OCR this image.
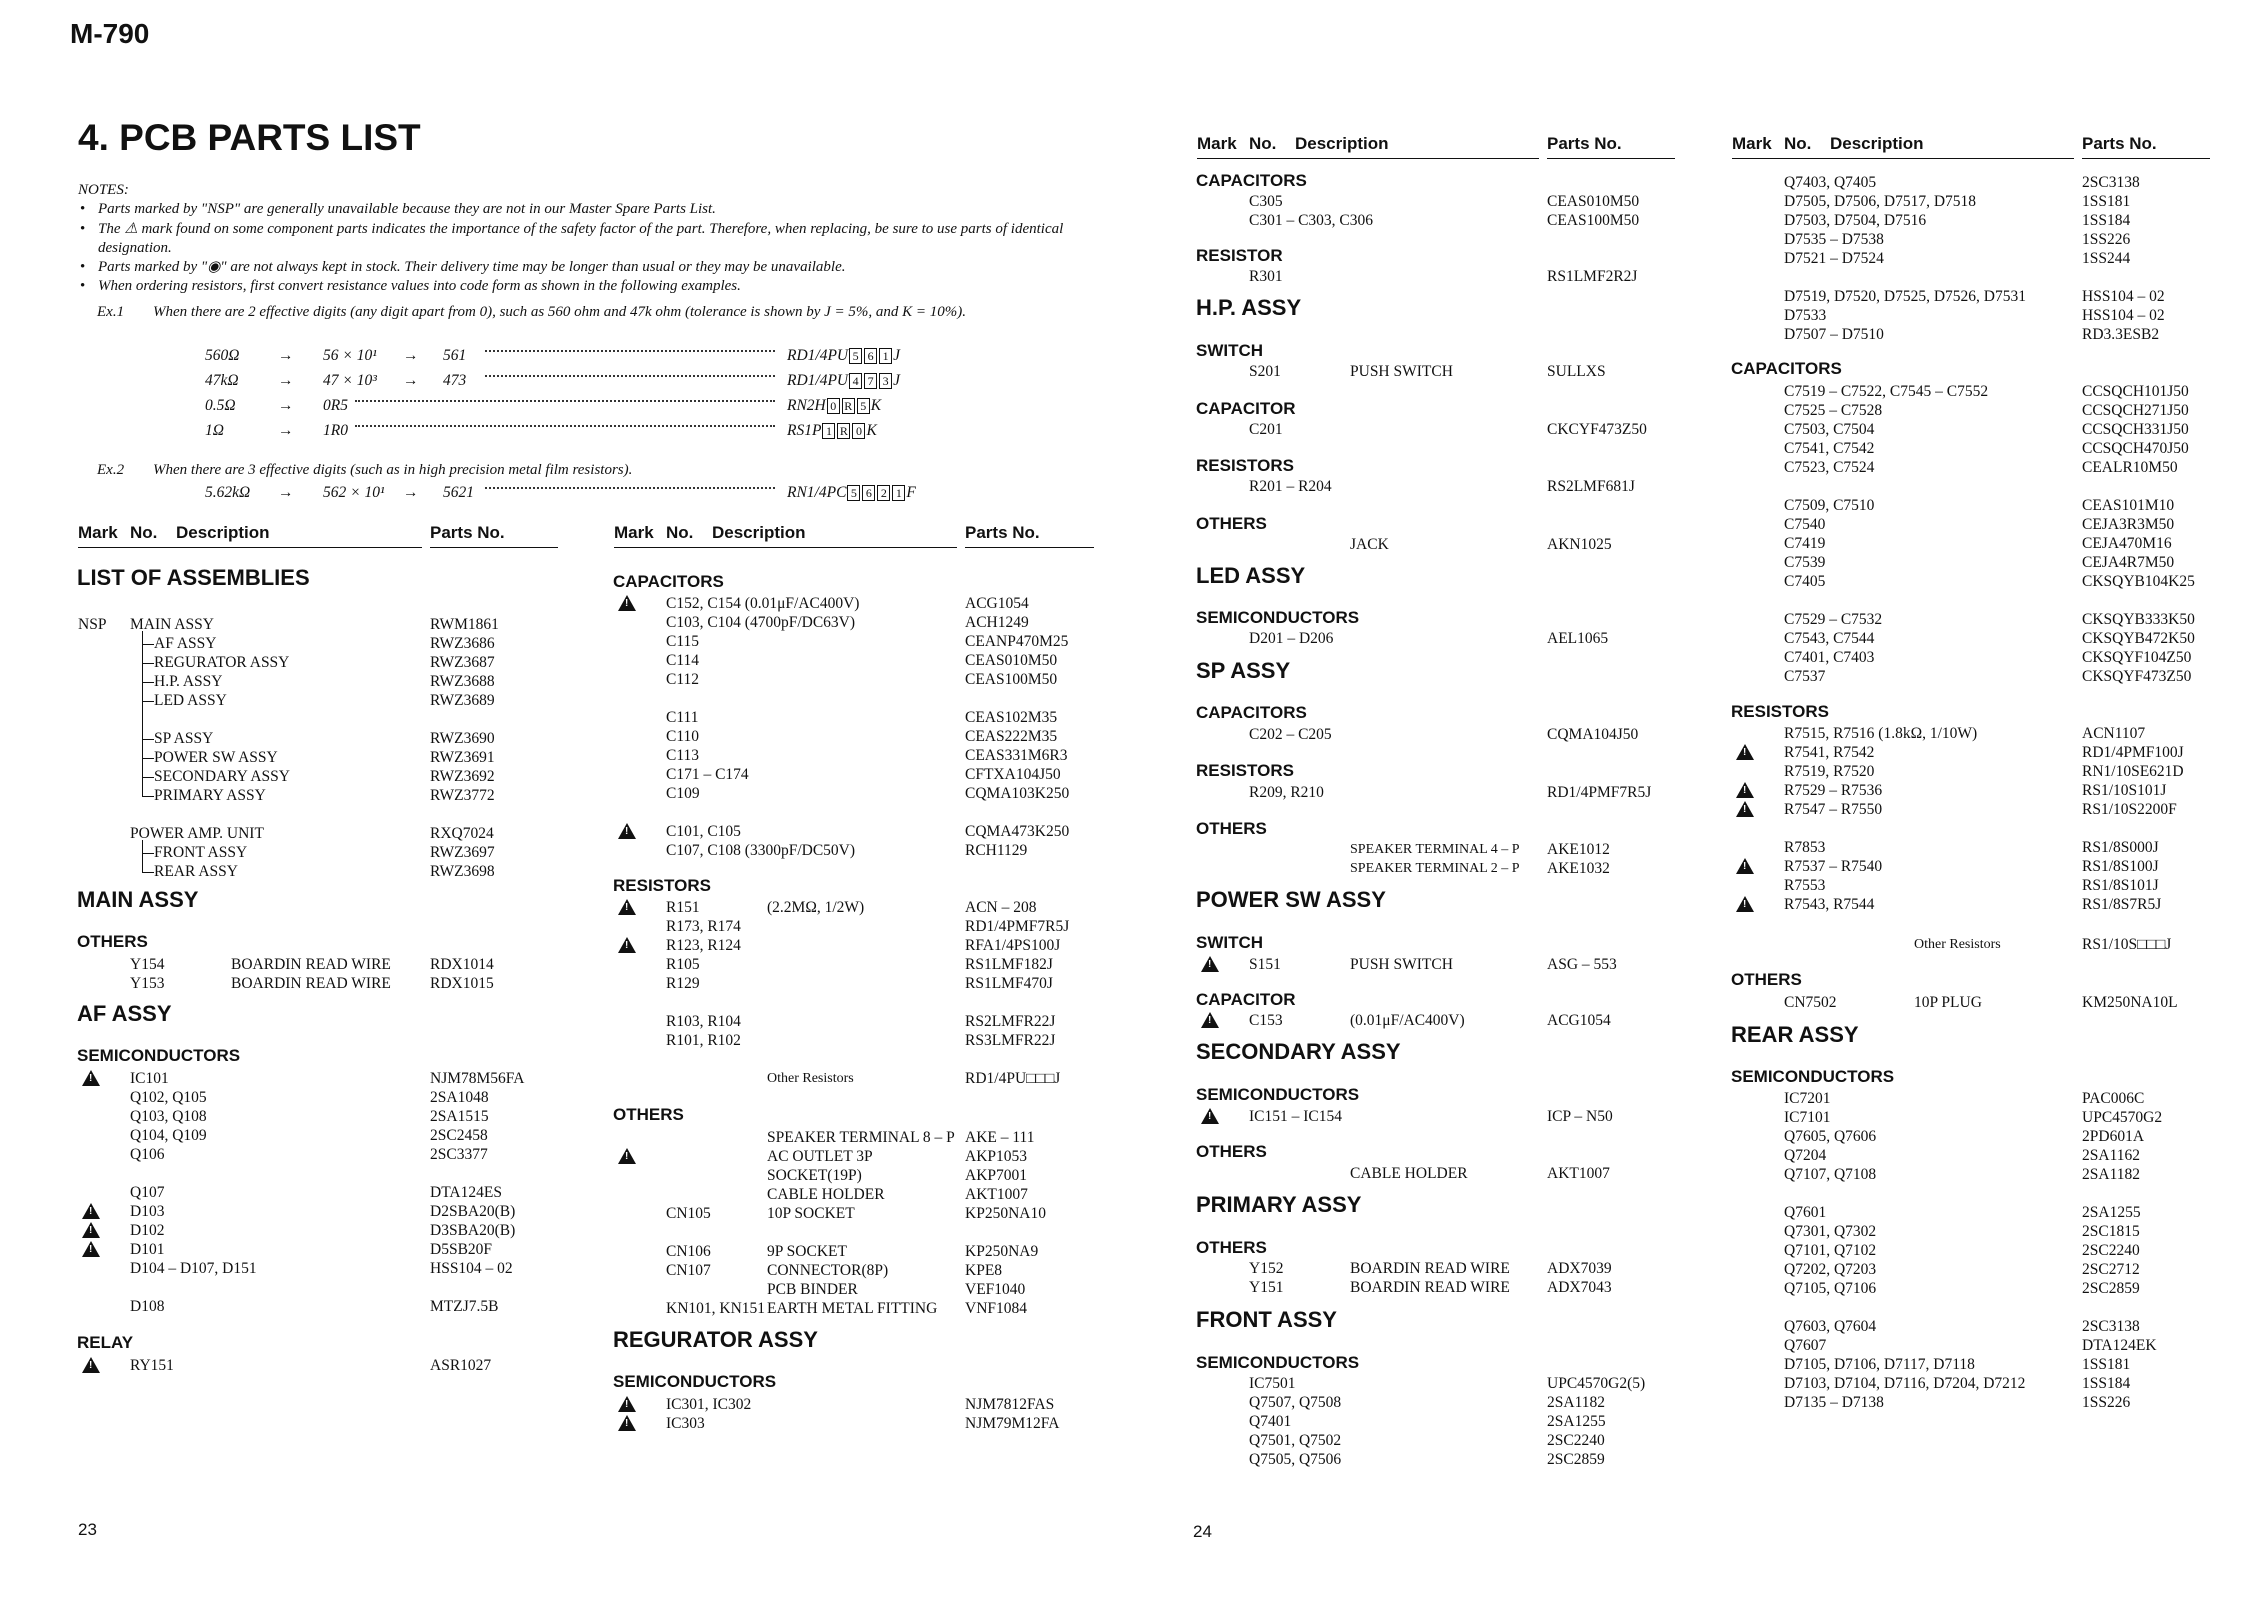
M-790
4. PCB PARTS LIST
NOTES:
• Parts marked by "NSP" are generally unavailable because they are not in our Master Spare Parts List.
• The ⚠ mark found on some component parts indicates the importance of the safety factor of the part. Therefore, when replacing, be sure to use parts of identical designation.
• Parts marked by "◉" are not always kept in stock. Their delivery time may be longer than usual or they may be unavailable.
• When ordering resistors, first convert resistance values into code form as shown in the following examples.
Ex.1 When there are 2 effective digits (any digit apart from 0), such as 560 ohm and 47k ohm (tolerance is shown by J = 5%, and K = 10%).
560Ω → 56 × 10¹ → 561	RD1/4PU 5 6 1 J
47kΩ	→ 47 × 10³ → 473	RD1/4PU 4 7 3 J
0.5Ω	→ 0R5	RN2H 0 R 5 K
1Ω	→ 1R0	RS1P 1 R 0 K
Ex.2 When there are 3 effective digits (such as in high precision metal film resistors).
5.62kΩ → 562 × 10¹ → 5621	RN1/4PC 5 6 2 1 F
Mark No. Description	Parts No.	Mark No. Description	Parts No.
Mark No. Description	Parts No.	Mark No. Description	Parts No.
LIST OF ASSEMBLIES
NSP MAIN ASSY	RWM1861
AF ASSY	RWZ3686
REGURATOR ASSY	RWZ3687
H.P. ASSY	RWZ3688
LED ASSY	RWZ3689
SP ASSY	RWZ3690
POWER SW ASSY	RWZ3691
SECONDARY ASSY	RWZ3692
PRIMARY ASSY	RWZ3772
POWER AMP. UNIT	RXQ7024
FRONT ASSY	RWZ3697
REAR ASSY	RWZ3698
MAIN ASSY
OTHERS
Y154	BOARDIN READ WIRE	RDX1014
Y153	BOARDIN READ WIRE	RDX1015
AF ASSY
SEMICONDUCTORS
!
IC101	NJM78M56FA
Q102, Q105	2SA1048
Q103, Q108	2SA1515
Q104, Q109	2SC2458
Q106	2SC3377
Q107	DTA124ES
!
D103	D2SBA20(B)
!
D102	D3SBA20(B)
!
D101	D5SB20F
D104 – D107, D151	HSS104 – 02
D108	MTZJ7.5B
RELAY
!
RY151	ASR1027
CAPACITORS
!
C152, C154 (0.01μF/AC400V)	ACG1054
C103, C104 (4700pF/DC63V)	ACH1249
C115	CEANP470M25
C114	CEAS010M50
C112	CEAS100M50
C111	CEAS102M35
C110	CEAS222M35
C113	CEAS331M6R3
C171 – C174	CFTXA104J50
C109	CQMA103K250
!
C101, C105	CQMA473K250
C107, C108 (3300pF/DC50V)	RCH1129
RESISTORS
!
R151	(2.2MΩ, 1/2W)	ACN – 208
R173, R174	RD1/4PMF7R5J
!
R123, R124	RFA1/4PS100J
R105	RS1LMF182J
R129	RS1LMF470J
R103, R104	RS2LMFR22J
R101, R102	RS3LMFR22J
Other Resistors	RD1/4PU□□□J
OTHERS
SPEAKER TERMINAL 8 – P AKE – 111
!
AC OUTLET 3P	AKP1053
SOCKET(19P)	AKP7001
CABLE HOLDER	AKT1007
CN105	10P SOCKET	KP250NA10
CN106	9P SOCKET	KP250NA9
CN107	CONNECTOR(8P)	KPE8
PCB BINDER	VEF1040
KN101, KN151 EARTH METAL FITTING VNF1084
REGURATOR ASSY
SEMICONDUCTORS
!
IC301, IC302	NJM7812FAS
!
IC303	NJM79M12FA
CAPACITORS
C305	CEAS010M50
C301 – C303, C306	CEAS100M50
RESISTOR
R301	RS1LMF2R2J
H.P. ASSY
SWITCH
S201	PUSH SWITCH	SULLXS
CAPACITOR
C201	CKCYF473Z50
RESISTORS
R201 – R204	RS2LMF681J
OTHERS
JACK	AKN1025
LED ASSY
SEMICONDUCTORS
D201 – D206	AEL1065
SP ASSY
CAPACITORS
C202 – C205	CQMA104J50
RESISTORS
R209, R210	RD1/4PMF7R5J
OTHERS
SPEAKER TERMINAL 4 – P AKE1012
SPEAKER TERMINAL 2 – P AKE1032
POWER SW ASSY
SWITCH
!
S151	PUSH SWITCH	ASG – 553
CAPACITOR
!
C153	(0.01μF/AC400V)	ACG1054
SECONDARY ASSY
SEMICONDUCTORS
!
IC151 – IC154	ICP – N50
OTHERS
CABLE HOLDER	AKT1007
PRIMARY ASSY
OTHERS
Y152	BOARDIN READ WIRE ADX7039
Y151	BOARDIN READ WIRE ADX7043
FRONT ASSY
SEMICONDUCTORS
IC7501	UPC4570G2(5)
Q7507, Q7508	2SA1182
Q7401	2SA1255
Q7501, Q7502	2SC2240
Q7505, Q7506	2SC2859
Q7403, Q7405	2SC3138
D7505, D7506, D7517, D7518	1SS181
D7503, D7504, D7516	1SS184
D7535 – D7538	1SS226
D7521 – D7524	1SS244
D7519, D7520, D7525, D7526, D7531	HSS104 – 02
D7533	HSS104 – 02
D7507 – D7510	RD3.3ESB2
CAPACITORS
C7519 – C7522, C7545 – C7552	CCSQCH101J50
C7525 – C7528	CCSQCH271J50
C7503, C7504	CCSQCH331J50
C7541, C7542	CCSQCH470J50
C7523, C7524	CEALR10M50
C7509, C7510	CEAS101M10
C7540	CEJA3R3M50
C7419	CEJA470M16
C7539	CEJA4R7M50
C7405	CKSQYB104K25
C7529 – C7532	CKSQYB333K50
C7543, C7544	CKSQYB472K50
C7401, C7403	CKSQYF104Z50
C7537	CKSQYF473Z50
RESISTORS
R7515, R7516 (1.8kΩ, 1/10W)	ACN1107
!
R7541, R7542	RD1/4PMF100J
R7519, R7520	RN1/10SE621D
!
R7529 – R7536	RS1/10S101J
!
R7547 – R7550	RS1/10S2200F
R7853	RS1/8S000J
!
R7537 – R7540	RS1/8S100J
R7553	RS1/8S101J
!
R7543, R7544	RS1/8S7R5J
Other Resistors	RS1/10S□□□J
OTHERS
CN7502	10P PLUG	KM250NA10L
REAR ASSY
SEMICONDUCTORS
IC7201	PAC006C
IC7101	UPC4570G2
Q7605, Q7606	2PD601A
Q7204	2SA1162
Q7107, Q7108	2SA1182
Q7601	2SA1255
Q7301, Q7302	2SC1815
Q7101, Q7102	2SC2240
Q7202, Q7203	2SC2712
Q7105, Q7106	2SC2859
Q7603, Q7604	2SC3138
Q7607	DTA124EK
D7105, D7106, D7117, D7118	1SS181
D7103, D7104, D7116, D7204, D7212	1SS184
D7135 – D7138	1SS226
23	24
